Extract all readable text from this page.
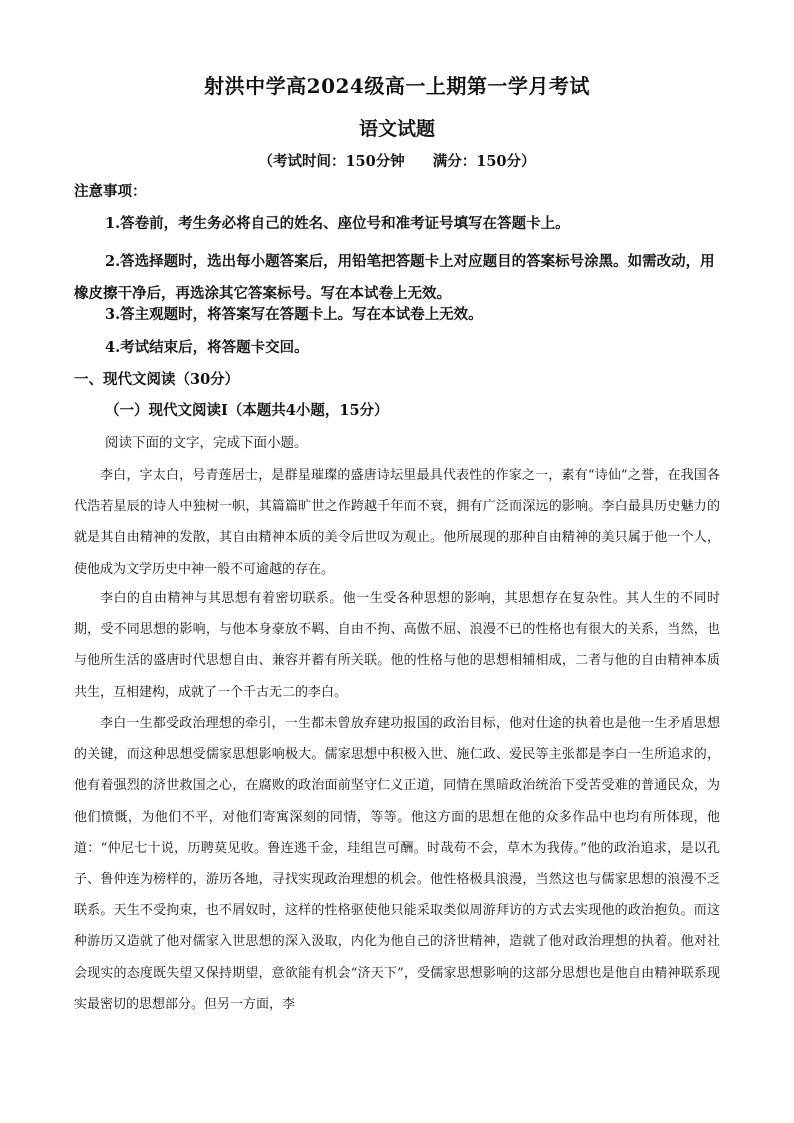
射洪中学高2024级高一上期第一学月考试
语文试题
（考试时间：150分钟 满分：150分）
注意事项：
1.答卷前，考生务必将自己的姓名、座位号和准考证号填写在答题卡上。
2.答选择题时，选出每小题答案后，用铅笔把答题卡上对应题目的答案标号涂黑。如需改动，用橡皮擦干净后，再选涂其它答案标号。写在本试卷上无效。
3.答主观题时，将答案写在答题卡上。写在本试卷上无效。
4.考试结束后，将答题卡交回。
一、现代文阅读（30分）
（一）现代文阅读Ⅰ（本题共4小题，15分）
阅读下面的文字，完成下面小题。

李白，字太白，号青莲居士，是群星璀璨的盛唐诗坛里最具代表性的作家之一，素有“诗仙”之誉，在我国各代浩若星辰的诗人中独树一帜，其篇篇旷世之作跨越千年而不衰，拥有广泛而深远的影响。李白最具历史魅力的就是其自由精神的发散，其自由精神本质的美令后世叹为观止。他所展现的那种自由精神的美只属于他一个人，使他成为文学历史中神一般不可逾越的存在。

李白的自由精神与其思想有着密切联系。他一生受各种思想的影响，其思想存在复杂性。其人生的不同时期，受不同思想的影响，与他本身豪放不羁、自由不拘、高傲不屈、浪漫不已的性格也有很大的关系，当然，也与他所生活的盛唐时代思想自由、兼容并蓄有所关联。他的性格与他的思想相辅相成，二者与他的自由精神本质共生，互相建构，成就了一个千古无二的李白。

李白一生都受政治理想的牵引，一生都未曾放弃建功报国的政治目标，他对仕途的执着也是他一生矛盾思想的关键，而这种思想受儒家思想影响极大。儒家思想中积极入世、施仁政、爱民等主张都是李白一生所追求的，他有着强烈的济世救国之心，在腐败的政治面前坚守仁义正道，同情在黑暗政治统治下受苦受难的普通民众，为他们愤慨，为他们不平，对他们寄寓深刻的同情，等等。他这方面的思想在他的众多作品中也均有所体现，他道：“仲尼七十说，历聘莫见收。鲁连逃千金，珪组岂可酬。时哉苟不会，草木为我俦。”他的政治追求，是以孔子、鲁仲连为榜样的，游历各地，寻找实现政治理想的机会。他性格极具浪漫，当然这也与儒家思想的浪漫不乏联系。天生不受拘束，也不屑奴时，这样的性格驱使他只能采取类似周游拜访的方式去实现他的政治抱负。而这种游历又造就了他对儒家入世思想的深入汲取，内化为他自己的济世精神，造就了他对政治理想的执着。他对社会现实的态度既失望又保持期望，意欲能有机会“济天下”，受儒家思想影响的这部分思想也是他自由精神联系现实最密切的思想部分。但另一方面，李
